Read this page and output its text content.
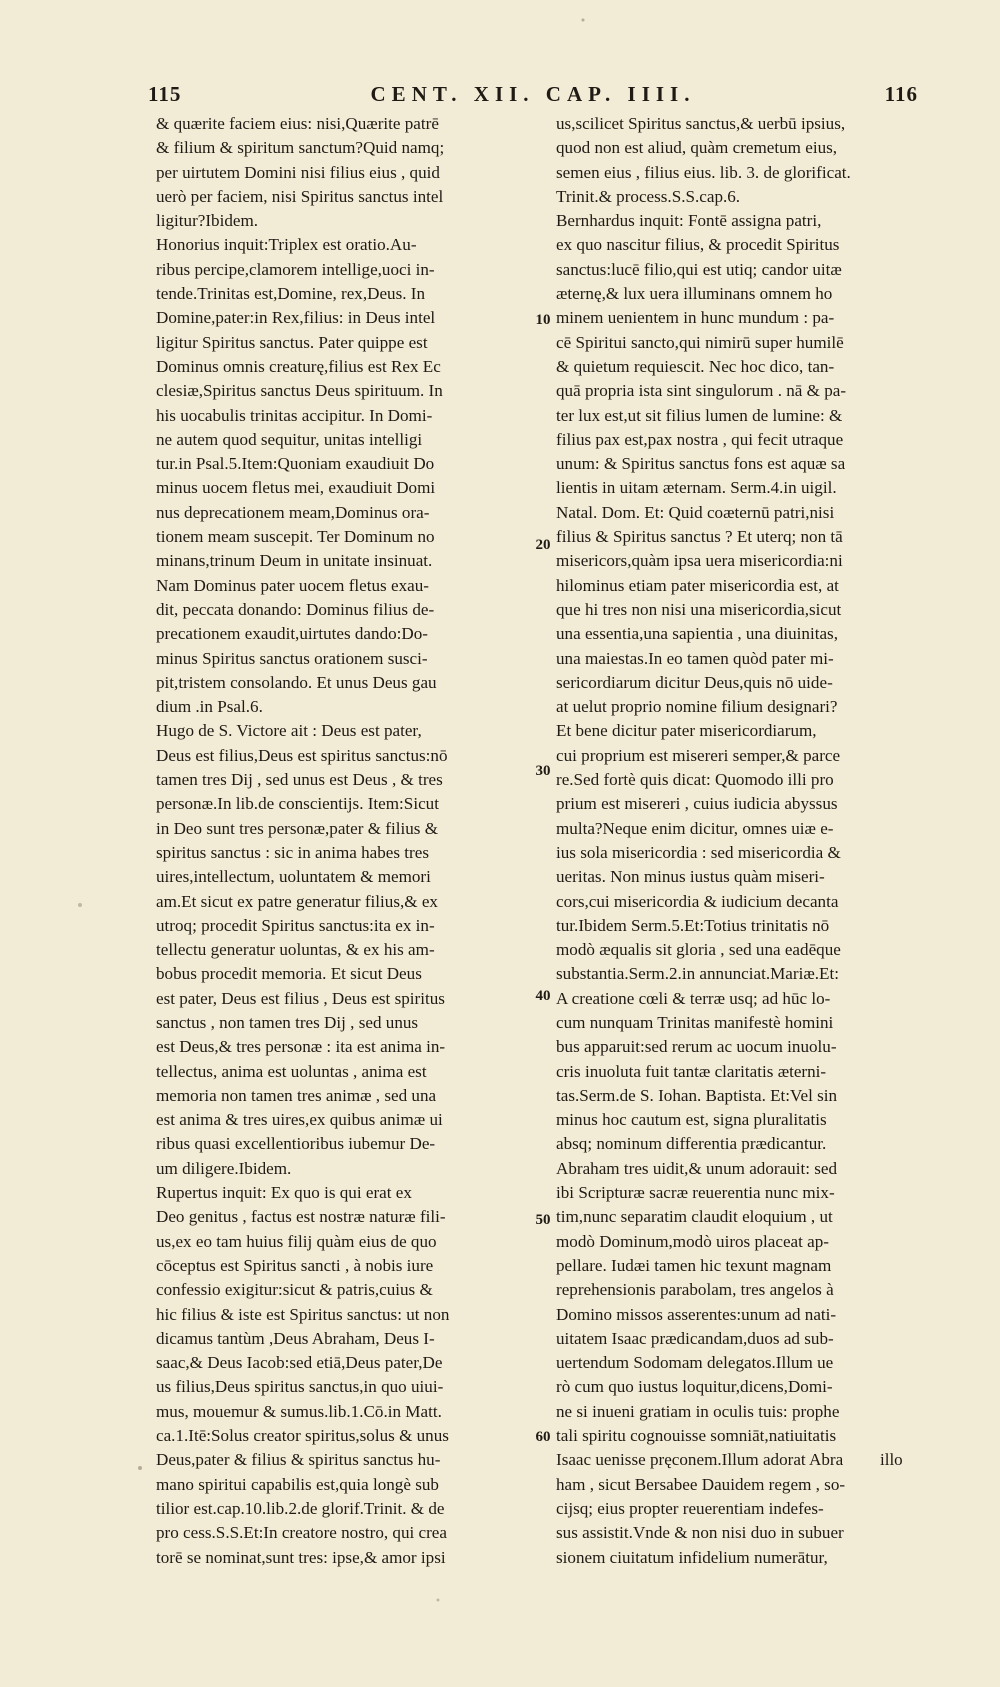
115	CENT. XII. CAP. IIII.	116
& quærite faciem eius: nisi,Quærite patrē
& filium & spiritum sanctum?Quid namq;
per uirtutem Domini nisi filius eius , quid
uerò per faciem, nisi Spiritus sanctus intel
ligitur?Ibidem.
Honorius inquit:Triplex est oratio.Au-
ribus percipe,clamorem intellige,uoci in-
tende.Trinitas est,Domine, rex,Deus. In
Domine,pater:in Rex,filius: in Deus intel
ligitur Spiritus sanctus. Pater quippe est
Dominus omnis creaturę,filius est Rex Ec
clesiæ,Spiritus sanctus Deus spirituum. In
his uocabulis trinitas accipitur. In Domi-
ne autem quod sequitur, unitas intelligi
tur.in Psal.5.Item:Quoniam exaudiuit Do
minus uocem fletus mei, exaudiuit Domi
nus deprecationem meam,Dominus ora-
tionem meam suscepit. Ter Dominum no
minans,trinum Deum in unitate insinuat.
Nam Dominus pater uocem fletus exau-
dit, peccata donando: Dominus filius de-
precationem exaudit,uirtutes dando:Do-
minus Spiritus sanctus orationem susci-
pit,tristem consolando. Et unus Deus gau
dium .in Psal.6.
Hugo de S. Victore ait : Deus est pater,
Deus est filius,Deus est spiritus sanctus:nō
tamen tres Dij , sed unus est Deus , & tres
personæ.In lib.de conscientijs. Item:Sicut
in Deo sunt tres personæ,pater & filius &
spiritus sanctus : sic in anima habes tres
uires,intellectum, uoluntatem & memori
am.Et sicut ex patre generatur filius,& ex
utroq; procedit Spiritus sanctus:ita ex in-
tellectu generatur uoluntas, & ex his am-
bobus procedit memoria. Et sicut Deus
est pater, Deus est filius , Deus est spiritus
sanctus , non tamen tres Dij , sed unus
est Deus,& tres personæ : ita est anima in-
tellectus, anima est uoluntas , anima est
memoria non tamen tres animæ , sed una
est anima & tres uires,ex quibus animæ ui
ribus quasi excellentioribus iubemur De-
um diligere.Ibidem.
Rupertus inquit: Ex quo is qui erat ex
Deo genitus , factus est nostræ naturæ fili-
us,ex eo tam huius filij quàm eius de quo
cōceptus est Spiritus sancti , à nobis iure
confessio exigitur:sicut & patris,cuius &
hic filius & iste est Spiritus sanctus: ut non
dicamus tantùm ,Deus Abraham, Deus I-
saac,& Deus Iacob:sed etiā,Deus pater,De
us filius,Deus spiritus sanctus,in quo uiui-
mus, mouemur & sumus.lib.1.Cō.in Matt.
ca.1.Itē:Solus creator spiritus,solus & unus
Deus,pater & filius & spiritus sanctus hu-
mano spiritui capabilis est,quia longè sub
tilior est.cap.10.lib.2.de glorif.Trinit. & de
pro cess.S.S.Et:In creatore nostro, qui crea
torē se nominat,sunt tres: ipse,& amor ipsi
us,scilicet Spiritus sanctus,& uerbū ipsius,
quod non est aliud, quàm cremetum eius,
semen eius , filius eius. lib. 3. de glorificat.
Trinit.& process.S.S.cap.6.
Bernhardus inquit: Fontē assigna patri,
ex quo nascitur filius, & procedit Spiritus
sanctus:lucē filio,qui est utiq; candor uitæ
æternę,& lux uera illuminans omnem ho
minem uenientem in hunc mundum : pa-
cē Spiritui sancto,qui nimirū super humilē
& quietum requiescit. Nec hoc dico, tan-
quā propria ista sint singulorum . nā & pa-
ter lux est,ut sit filius lumen de lumine: &
filius pax est,pax nostra , qui fecit utraque
unum: & Spiritus sanctus fons est aquæ sa
lientis in uitam æternam. Serm.4.in uigil.
Natal. Dom. Et: Quid coæternū patri,nisi
filius & Spiritus sanctus ? Et uterq; non tā
misericors,quàm ipsa uera misericordia:ni
hilominus etiam pater misericordia est, at
que hi tres non nisi una misericordia,sicut
una essentia,una sapientia , una diuinitas,
una maiestas.In eo tamen quòd pater mi-
sericordiarum dicitur Deus,quis nō uide-
at uelut proprio nomine filium designari?
Et bene dicitur pater misericordiarum,
cui proprium est misereri semper,& parce
re.Sed fortè quis dicat: Quomodo illi pro
prium est misereri , cuius iudicia abyssus
multa?Neque enim dicitur, omnes uiæ e-
ius sola misericordia : sed misericordia &
ueritas. Non minus iustus quàm miseri-
cors,cui misericordia & iudicium decanta
tur.Ibidem Serm.5.Et:Totius trinitatis nō
modò æqualis sit gloria , sed una eadēque
substantia.Serm.2.in annunciat.Mariæ.Et:
A creatione cœli & terræ usq; ad hūc lo-
cum nunquam Trinitas manifestè homini
bus apparuit:sed rerum ac uocum inuolu-
cris inuoluta fuit tantæ claritatis æterni-
tas.Serm.de S. Iohan. Baptista. Et:Vel sin
minus hoc cautum est, signa pluralitatis
absq; nominum differentia prædicantur.
Abraham tres uidit,& unum adorauit: sed
ibi Scripturæ sacræ reuerentia nunc mix-
tim,nunc separatim claudit eloquium , ut
modò Dominum,modò uiros placeat ap-
pellare. Iudæi tamen hic texunt magnam
reprehensionis parabolam, tres angelos à
Domino missos asserentes:unum ad nati-
uitatem Isaac prædicandam,duos ad sub-
uertendum Sodomam delegatos.Illum ue
rò cum quo iustus loquitur,dicens,Domi-
ne si inueni gratiam in oculis tuis: prophe
tali spiritu cognouisse somniāt,natiuitatis
Isaac uenisse pręconem.Illum adorat Abra
ham , sicut Bersabee Dauidem regem , so-
cijsq; eius propter reuerentiam indefes-
sus assistit.Vnde & non nisi duo in subuer
sionem ciuitatum infidelium numerātur,
10
20
30
40
50
60
illo
